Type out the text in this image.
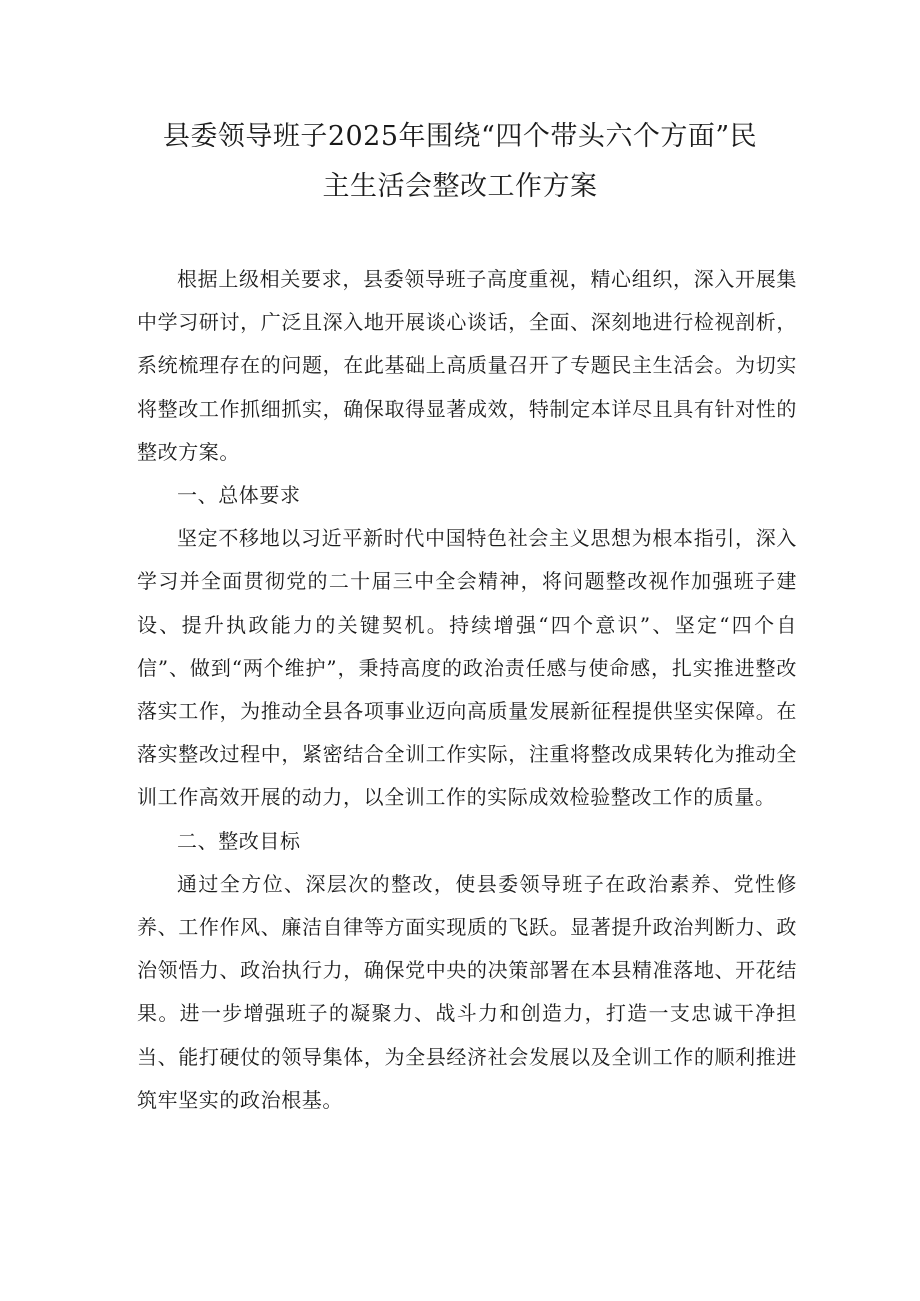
县委领导班子2025年围绕“四个带头六个方面”民
主生活会整改工作方案

根据上级相关要求，县委领导班子高度重视，精心组织，深入开展集中学习研讨，广泛且深入地开展谈心谈话，全面、深刻地进行检视剖析，系统梳理存在的问题，在此基础上高质量召开了专题民主生活会。为切实将整改工作抓细抓实，确保取得显著成效，特制定本详尽且具有针对性的整改方案。

一、总体要求

坚定不移地以习近平新时代中国特色社会主义思想为根本指引，深入学习并全面贯彻党的二十届三中全会精神，将问题整改视作加强班子建设、提升执政能力的关键契机。持续增强“四个意识”、坚定“四个自信”、做到“两个维护”，秉持高度的政治责任感与使命感，扎实推进整改落实工作，为推动全县各项事业迈向高质量发展新征程提供坚实保障。在落实整改过程中，紧密结合全训工作实际，注重将整改成果转化为推动全训工作高效开展的动力，以全训工作的实际成效检验整改工作的质量。

二、整改目标

通过全方位、深层次的整改，使县委领导班子在政治素养、党性修养、工作作风、廉洁自律等方面实现质的飞跃。显著提升政治判断力、政治领悟力、政治执行力，确保党中央的决策部署在本县精准落地、开花结果。进一步增强班子的凝聚力、战斗力和创造力，打造一支忠诚干净担当、能打硬仗的领导集体，为全县经济社会发展以及全训工作的顺利推进筑牢坚实的政治根基。
